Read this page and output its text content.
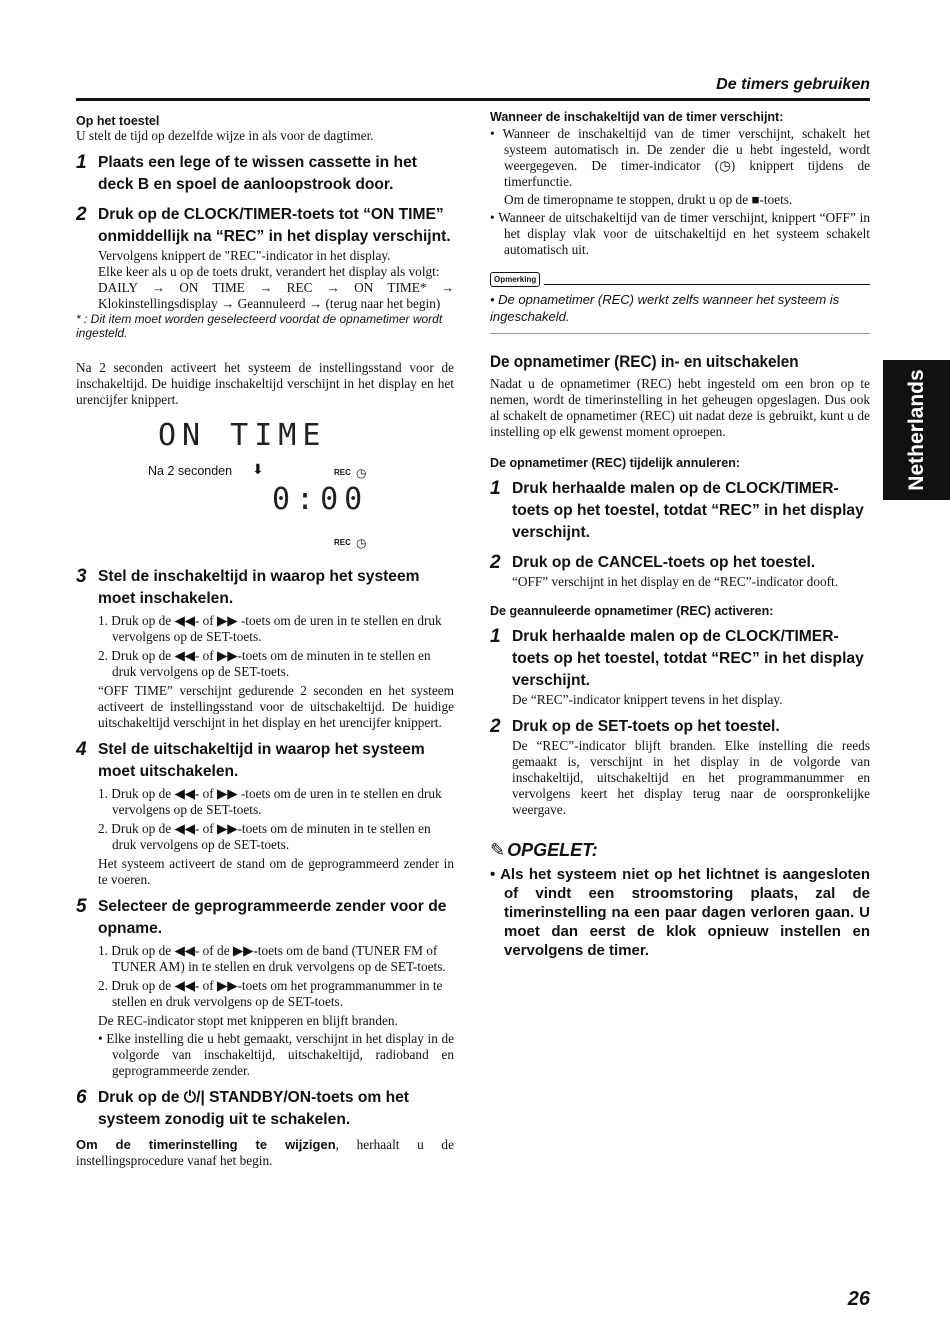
De timers gebruiken
Netherlands

Op het toestel

U stelt de tijd op dezelfde wijze in als voor de dagtimer.

1 Plaats een lege of te wissen cassette in het deck B en spoel de aanloopstrook door.
2 Druk op de CLOCK/TIMER-toets tot “ON TIME” onmiddellijk na “REC” in het display verschijnt.

Vervolgens knippert de "REC"-indicator in het display.

Elke keer als u op de toets drukt, verandert het display als volgt:

DAILY → ON TIME → REC → ON TIME* → Klokinstellingsdisplay → Geannuleerd → (terug naar het begin)

* : Dit item moet worden geselecteerd voordat de opnametimer wordt ingesteld.

Na 2 seconden activeert het systeem de instellingsstand voor de inschakeltijd. De huidige inschakeltijd verschijnt in het display en het urencijfer knippert.

ON TIME
Na 2 seconden ⬇	REC ◷
0:00
REC ◷
3 Stel de inschakeltijd in waarop het systeem moet inschakelen.
1. Druk op de ◀◀- of ▶▶ -toets om de uren in te stellen en druk vervolgens op de SET-toets.
2. Druk op de ◀◀- of ▶▶-toets om de minuten in te stellen en druk vervolgens op de SET-toets.

“OFF TIME” verschijnt gedurende 2 seconden en het systeem activeert de instellingsstand voor de uitschakeltijd. De huidige uitschakeltijd verschijnt in het display en het urencijfer knippert.

4 Stel de uitschakeltijd in waarop het systeem moet uitschakelen.
1. Druk op de ◀◀- of ▶▶ -toets om de uren in te stellen en druk vervolgens op de SET-toets.
2. Druk op de ◀◀- of ▶▶-toets om de minuten in te stellen en druk vervolgens op de SET-toets.

Het systeem activeert de stand om de geprogrammeerd zender in te voeren.

5 Selecteer de geprogrammeerde zender voor de opname.
1. Druk op de ◀◀- of de ▶▶-toets om de band (TUNER FM of TUNER AM) in te stellen en druk vervolgens op de SET-toets.
2. Druk op de ◀◀- of ▶▶-toets om het programmanummer in te stellen en druk vervolgens op de SET-toets.

De REC-indicator stopt met knipperen en blijft branden.

• Elke instelling die u hebt gemaakt, verschijnt in het display in de volgorde van inschakeltijd, uitschakeltijd, radioband en geprogrammeerde zender.

6 Druk op de ⏻/| STANDBY/ON-toets om het systeem zonodig uit te schakelen.

Om de timerinstelling te wijzigen, herhaalt u de instellingsprocedure vanaf het begin.

Wanneer de inschakeltijd van de timer verschijnt:

• Wanneer de inschakeltijd van de timer verschijnt, schakelt het systeem automatisch in. De zender die u hebt ingesteld, wordt weergegeven. De timer-indicator (◷) knippert tijdens de timerfunctie.

Om de timeropname te stoppen, drukt u op de ■-toets.

• Wanneer de uitschakeltijd van de timer verschijnt, knippert “OFF” in het display vlak voor de uitschakeltijd en het systeem schakelt automatisch uit.

Opmerking

• De opnametimer (REC) werkt zelfs wanneer het systeem is ingeschakeld.

De opnametimer (REC) in- en uitschakelen

Nadat u de opnametimer (REC) hebt ingesteld om een bron op te nemen, wordt de timerinstelling in het geheugen opgeslagen. Dus ook al schakelt de opnametimer (REC) uit nadat deze is gebruikt, kunt u de instelling op elk gewenst moment oproepen.

De opnametimer (REC) tijdelijk annuleren:

1 Druk herhaalde malen op de CLOCK/TIMER-toets op het toestel, totdat “REC” in het display verschijnt.
2 Druk op de CANCEL-toets op het toestel.

“OFF” verschijnt in het display en de “REC”-indicator dooft.

De geannuleerde opnametimer (REC) activeren:

1 Druk herhaalde malen op de CLOCK/TIMER-toets op het toestel, totdat “REC” in het display verschijnt.

De “REC”-indicator knippert tevens in het display.

2 Druk op de SET-toets op het toestel.

De “REC”-indicator blijft branden. Elke instelling die reeds gemaakt is, verschijnt in het display in de volgorde van inschakeltijd, uitschakeltijd en het programmanummer en vervolgens keert het display terug naar de oorspronkelijke weergave.

✎ OPGELET:

• Als het systeem niet op het lichtnet is aangesloten of vindt een stroomstoring plaats, zal de timerinstelling na een paar dagen verloren gaan. U moet dan eerst de klok opnieuw instellen en vervolgens de timer.

26
